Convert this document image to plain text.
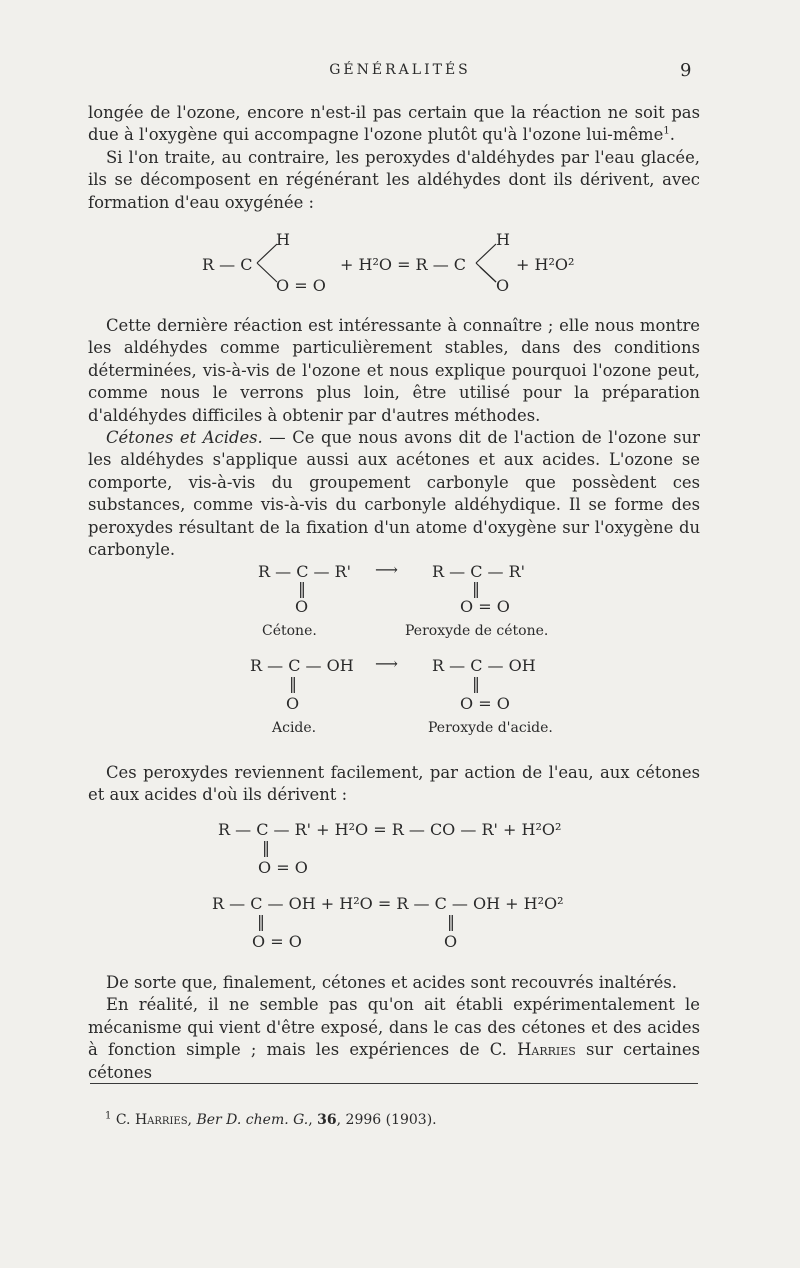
GÉNÉRALITÉS	9

longée de l'ozone, encore n'est-il pas certain que la réaction ne soit pas due à l'oxygène qui accompagne l'ozone plutôt qu'à l'ozone lui-même$^1$.

Si l'on traite, au contraire, les peroxydes d'aldéhydes par l'eau glacée, ils se décomposent en régénérant les aldéhydes dont ils dérivent, avec formation d'eau oxygénée :

R — C
H
O = O
+ H²O = R — C
H
O
+ H²O²

Cette dernière réaction est intéressante à connaître ; elle nous montre les aldéhydes comme particulièrement stables, dans des conditions déterminées, vis-à-vis de l'ozone et nous explique pourquoi l'ozone peut, comme nous le verrons plus loin, être utilisé pour la préparation d'aldéhydes difficiles à obtenir par d'autres méthodes.

Cétones et Acides. — Ce que nous avons dit de l'action de l'ozone sur les aldéhydes s'applique aussi aux acétones et aux acides. L'ozone se comporte, vis-à-vis du groupement carbonyle que possèdent ces substances, comme vis-à-vis du carbonyle aldéhydique. Il se forme des peroxydes résultant de la fixation d'un atome d'oxygène sur l'oxygène du carbonyle.

R — C — R' ⟶ R — C — R'
‖	‖
O	O = O
Cétone.	Peroxyde de cétone.
R — C — OH ⟶ R — C — OH
‖	‖
O	O = O
Acide.	Peroxyde d'acide.

Ces peroxydes reviennent facilement, par action de l'eau, aux cétones et aux acides d'où ils dérivent :

R — C — R' + H²O = R — CO — R' + H²O²
‖
O = O
R — C — OH + H²O = R — C — OH + H²O²
‖	‖
O = O	O

De sorte que, finalement, cétones et acides sont recouvrés inaltérés.

En réalité, il ne semble pas qu'on ait établi expérimentalement le mécanisme qui vient d'être exposé, dans le cas des cétones et des acides à fonction simple ; mais les expériences de C. Harries sur certaines cétones

$^1$ C. Harries, Ber D. chem. G., 36, 2996 (1903).
